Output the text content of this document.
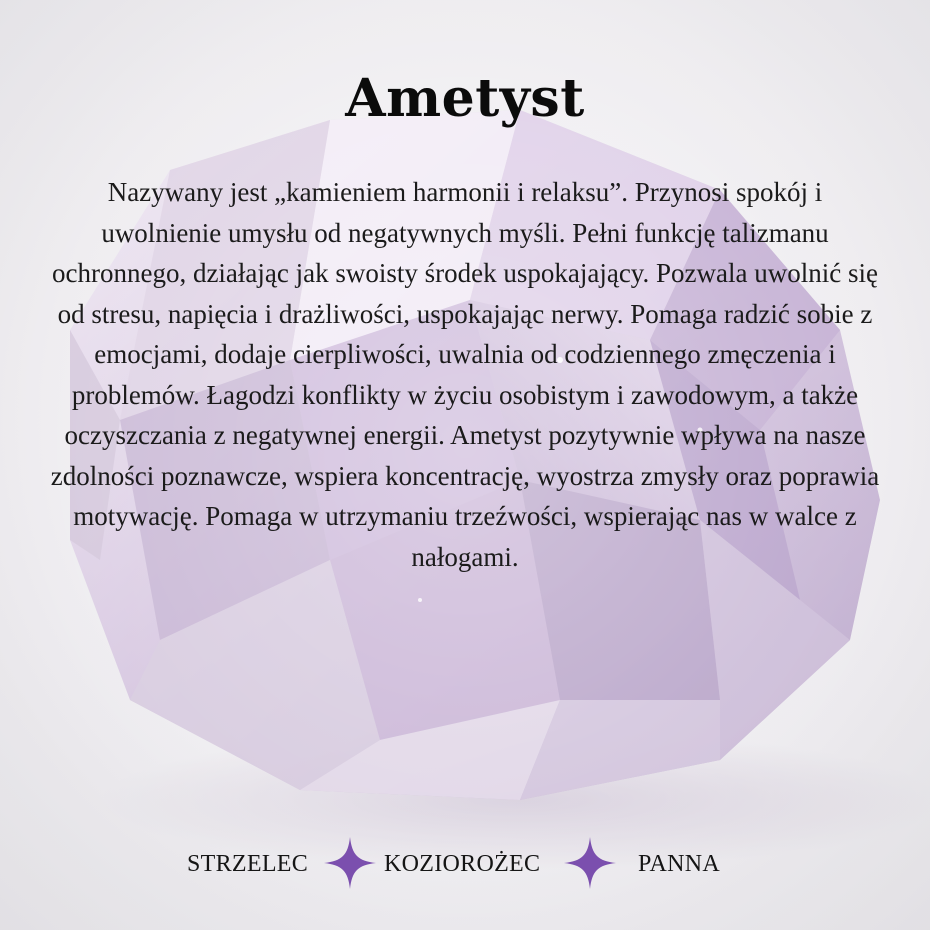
Ametyst

Nazywany jest „kamieniem harmonii i relaksu”. Przynosi spokój i uwolnienie umysłu od negatywnych myśli. Pełni funkcję talizmanu ochronnego, działając jak swoisty środek uspokajający. Pozwala uwolnić się od stresu, napięcia i drażliwości, uspokajając nerwy. Pomaga radzić sobie z emocjami, dodaje cierpliwości, uwalnia od codziennego zmęczenia i problemów. Łagodzi konflikty w życiu osobistym i zawodowym, a także oczyszczania z negatywnej energii. Ametyst pozytywnie wpływa na nasze zdolności poznawcze, wspiera koncentrację, wyostrza zmysły oraz poprawia motywację. Pomaga w utrzymaniu trzeźwości, wspierając nas w walce z nałogami.

STRZELEC	KOZIOROŻEC	PANNA
